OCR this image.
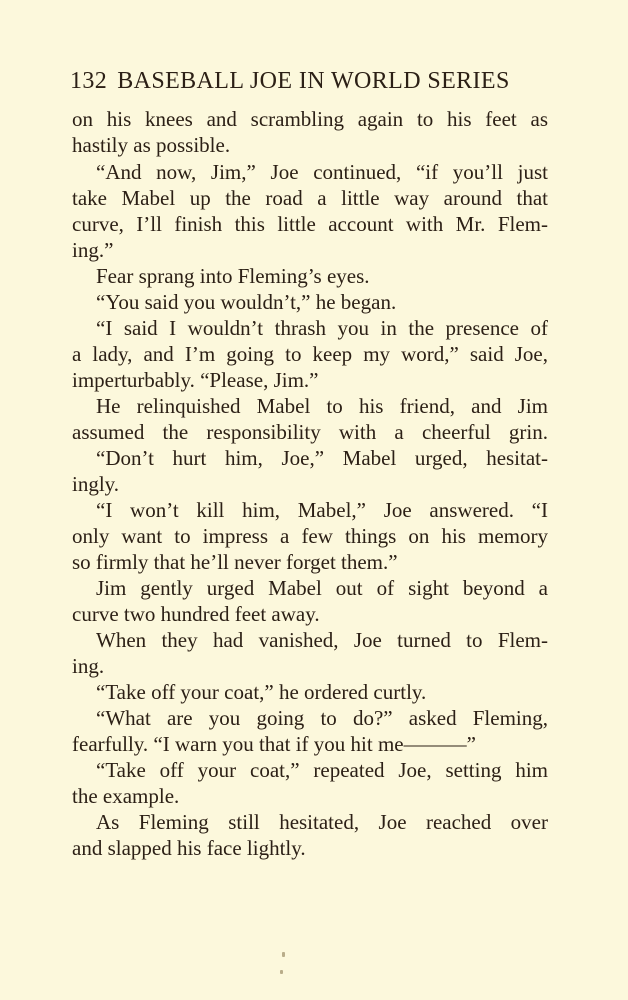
132 BASEBALL JOE IN WORLD SERIES
on his knees and scrambling again to his feet as
hastily as possible.
“And now, Jim,” Joe continued, “if you’ll just
take Mabel up the road a little way around that
curve, I’ll finish this little account with Mr. Flem-
ing.”
Fear sprang into Fleming’s eyes.
“You said you wouldn’t,” he began.
“I said I wouldn’t thrash you in the presence of
a lady, and I’m going to keep my word,” said Joe,
imperturbably. “Please, Jim.”
He relinquished Mabel to his friend, and Jim
assumed the responsibility with a cheerful grin.
“Don’t hurt him, Joe,” Mabel urged, hesitat-
ingly.
“I won’t kill him, Mabel,” Joe answered. “I
only want to impress a few things on his memory
so firmly that he’ll never forget them.”
Jim gently urged Mabel out of sight beyond a
curve two hundred feet away.
When they had vanished, Joe turned to Flem-
ing.
“Take off your coat,” he ordered curtly.
“What are you going to do?” asked Fleming,
fearfully. “I warn you that if you hit me———”
“Take off your coat,” repeated Joe, setting him
the example.
As Fleming still hesitated, Joe reached over
and slapped his face lightly.
